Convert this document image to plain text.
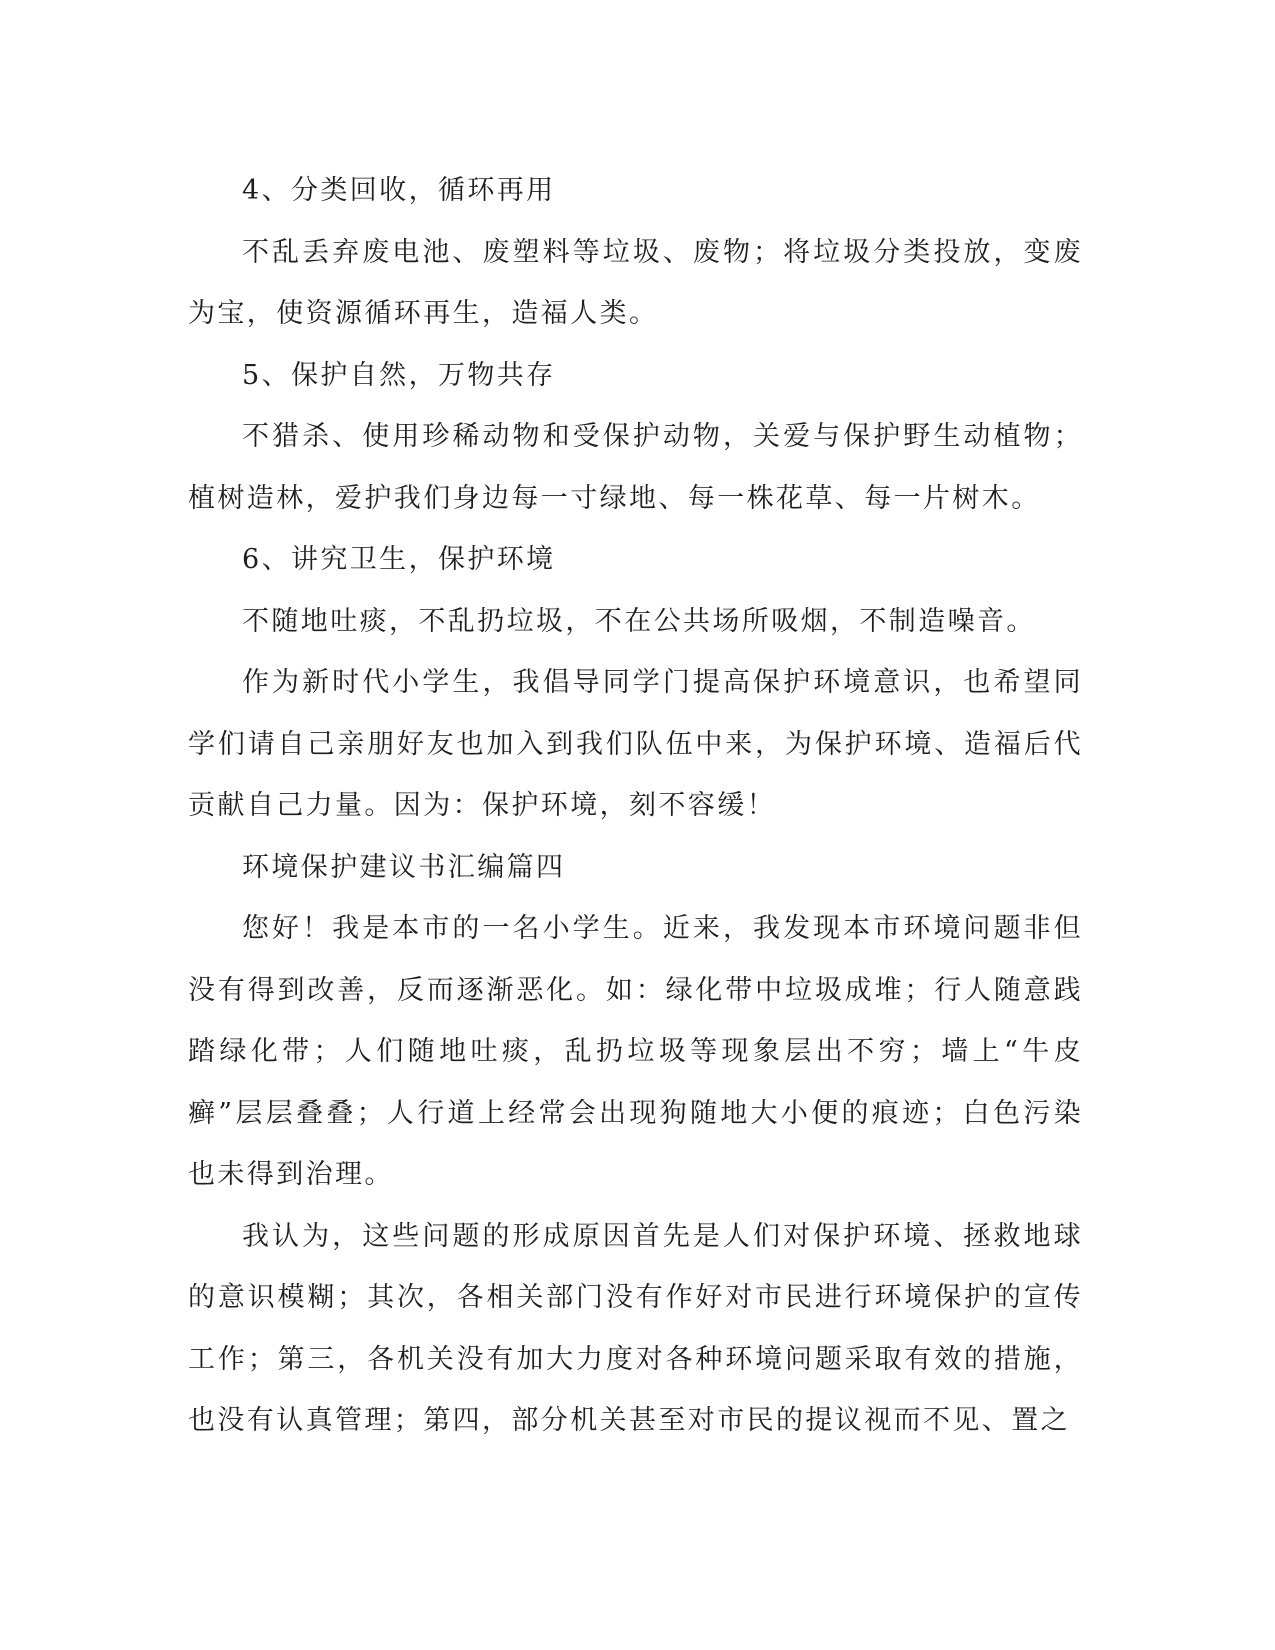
4、分类回收，循环再用

不乱丢弃废电池、废塑料等垃圾、废物；将垃圾分类投放，变废为宝，使资源循环再生，造福人类。

5、保护自然，万物共存

不猎杀、使用珍稀动物和受保护动物，关爱与保护野生动植物；植树造林，爱护我们身边每一寸绿地、每一株花草、每一片树木。

6、讲究卫生，保护环境

不随地吐痰，不乱扔垃圾，不在公共场所吸烟，不制造噪音。

作为新时代小学生，我倡导同学门提高保护环境意识，也希望同学们请自己亲朋好友也加入到我们队伍中来，为保护环境、造福后代贡献自己力量。因为：保护环境，刻不容缓！

环境保护建议书汇编篇四

您好！我是本市的一名小学生。近来，我发现本市环境问题非但没有得到改善，反而逐渐恶化。如：绿化带中垃圾成堆；行人随意践踏绿化带；人们随地吐痰，乱扔垃圾等现象层出不穷；墙上“牛皮癣”层层叠叠；人行道上经常会出现狗随地大小便的痕迹；白色污染也未得到治理。

我认为，这些问题的形成原因首先是人们对保护环境、拯救地球的意识模糊；其次，各相关部门没有作好对市民进行环境保护的宣传工作；第三，各机关没有加大力度对各种环境问题采取有效的措施，也没有认真管理；第四，部分机关甚至对市民的提议视而不见、置之
